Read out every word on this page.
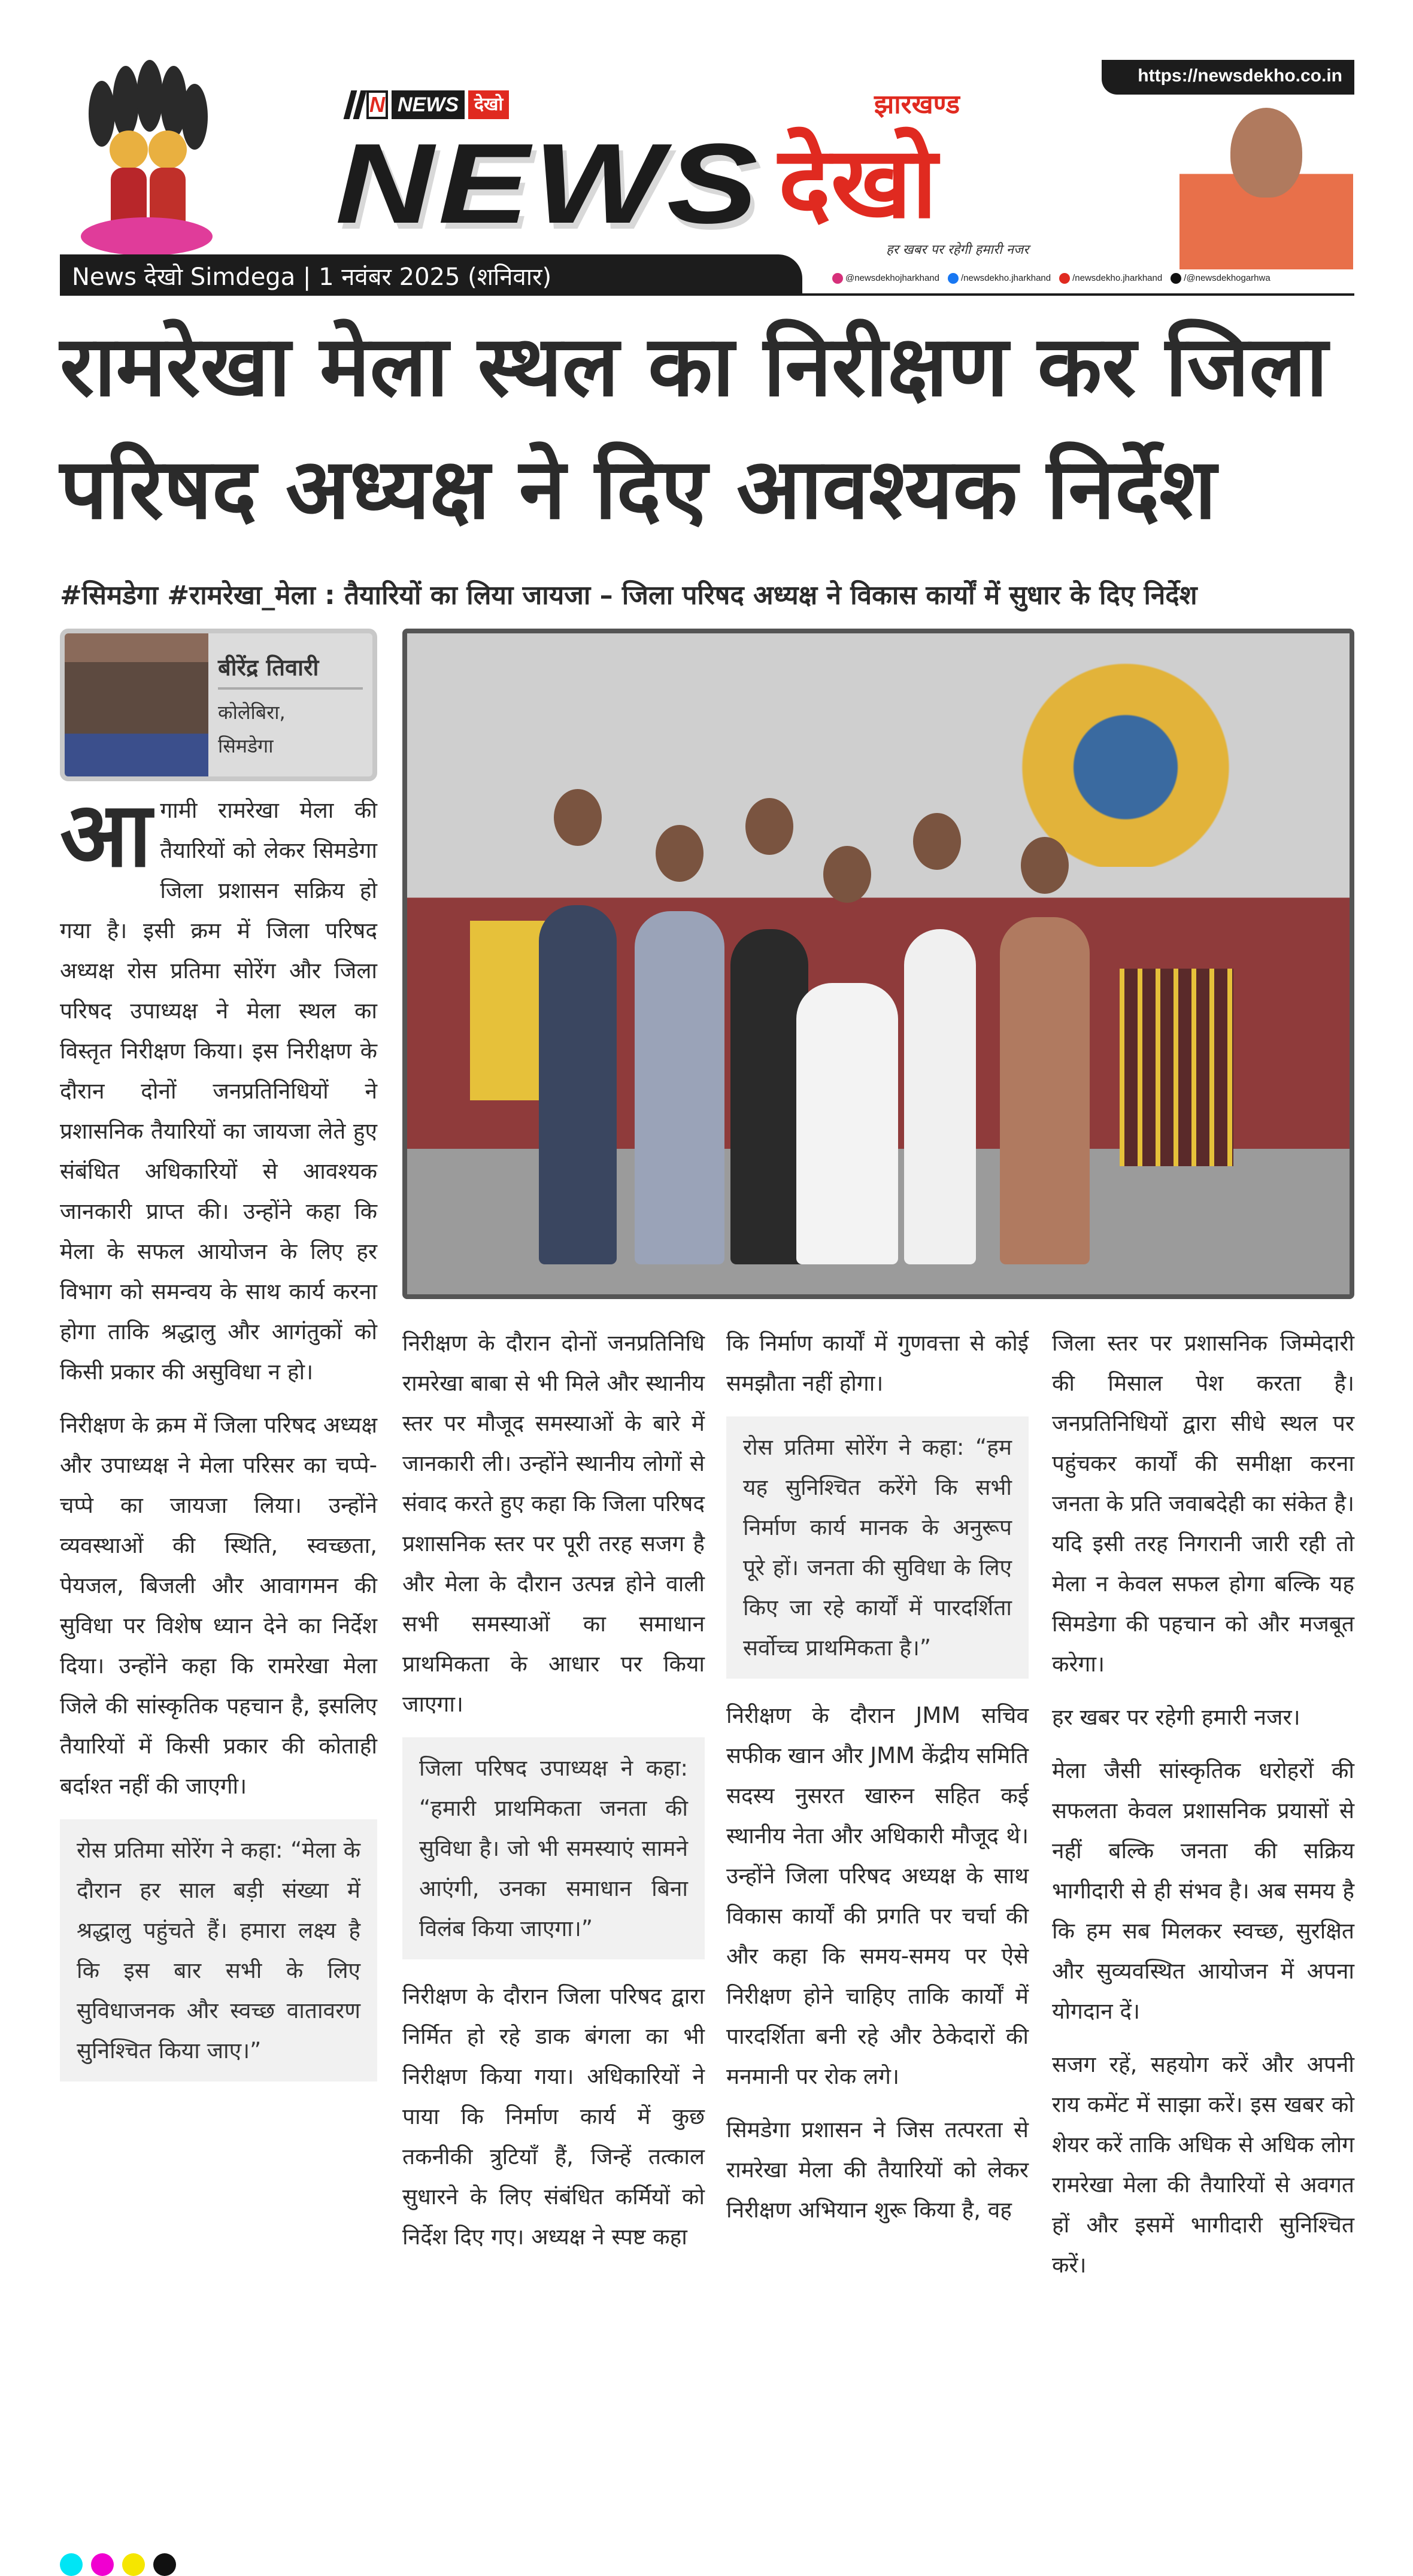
N NEWS देखो
NEWS देखो
झारखण्ड
हर खबर पर रहेगी हमारी नजर
https://newsdekho.co.in
News देखो Simdega | 1 नवंबर 2025 (शनिवार)	@newsdekhojharkhand /newsdekho.jharkhand /newsdekho.jharkhand /@newsdekhogarhwa
रामरेखा मेला स्थल का निरीक्षण कर जिला
परिषद अध्यक्ष ने दिए आवश्यक निर्देश
#सिमडेगा #रामरेखा_मेला : तैयारियों का लिया जायजा – जिला परिषद अध्यक्ष ने विकास कार्यों में सुधार के दिए निर्देश
बीरेंद्र तिवारी
कोलेबिरा,
सिमडेगा

आगामी रामरेखा मेला की तैयारियों को लेकर सिमडेगा जिला प्रशासन सक्रिय हो गया है। इसी क्रम में जिला परिषद अध्यक्ष रोस प्रतिमा सोरेंग और जिला परिषद उपाध्यक्ष ने मेला स्थल का विस्तृत निरीक्षण किया। इस निरीक्षण के दौरान दोनों जनप्रतिनिधियों ने प्रशासनिक तैयारियों का जायजा लेते हुए संबंधित अधिकारियों से आवश्यक जानकारी प्राप्त की। उन्होंने कहा कि मेला के सफल आयोजन के लिए हर विभाग को समन्वय के साथ कार्य करना होगा ताकि श्रद्धालु और आगंतुकों को किसी प्रकार की असुविधा न हो।

निरीक्षण के क्रम में जिला परिषद अध्यक्ष और उपाध्यक्ष ने मेला परिसर का चप्पे-चप्पे का जायजा लिया। उन्होंने व्यवस्थाओं की स्थिति, स्वच्छता, पेयजल, बिजली और आवागमन की सुविधा पर विशेष ध्यान देने का निर्देश दिया। उन्होंने कहा कि रामरेखा मेला जिले की सांस्कृतिक पहचान है, इसलिए तैयारियों में किसी प्रकार की कोताही बर्दाश्त नहीं की जाएगी।

रोस प्रतिमा सोरेंग ने कहा: “मेला के दौरान हर साल बड़ी संख्या में श्रद्धालु पहुंचते हैं। हमारा लक्ष्य है कि इस बार सभी के लिए सुविधाजनक और स्वच्छ वातावरण सुनिश्चित किया जाए।”

निरीक्षण के दौरान दोनों जनप्रतिनिधि रामरेखा बाबा से भी मिले और स्थानीय स्तर पर मौजूद समस्याओं के बारे में जानकारी ली। उन्होंने स्थानीय लोगों से संवाद करते हुए कहा कि जिला परिषद प्रशासनिक स्तर पर पूरी तरह सजग है और मेला के दौरान उत्पन्न होने वाली सभी समस्याओं का समाधान प्राथमिकता के आधार पर किया जाएगा।

जिला परिषद उपाध्यक्ष ने कहा: “हमारी प्राथमिकता जनता की सुविधा है। जो भी समस्याएं सामने आएंगी, उनका समाधान बिना विलंब किया जाएगा।”

निरीक्षण के दौरान जिला परिषद द्वारा निर्मित हो रहे डाक बंगला का भी निरीक्षण किया गया। अधिकारियों ने पाया कि निर्माण कार्य में कुछ तकनीकी त्रुटियाँ हैं, जिन्हें तत्काल सुधारने के लिए संबंधित कर्मियों को निर्देश दिए गए। अध्यक्ष ने स्पष्ट कहा

कि निर्माण कार्यों में गुणवत्ता से कोई समझौता नहीं होगा।

रोस प्रतिमा सोरेंग ने कहा: “हम यह सुनिश्चित करेंगे कि सभी निर्माण कार्य मानक के अनुरूप पूरे हों। जनता की सुविधा के लिए किए जा रहे कार्यों में पारदर्शिता सर्वोच्च प्राथमिकता है।”

निरीक्षण के दौरान JMM सचिव सफीक खान और JMM केंद्रीय समिति सदस्य नुसरत खारुन सहित कई स्थानीय नेता और अधिकारी मौजूद थे। उन्होंने जिला परिषद अध्यक्ष के साथ विकास कार्यों की प्रगति पर चर्चा की और कहा कि समय-समय पर ऐसे निरीक्षण होने चाहिए ताकि कार्यों में पारदर्शिता बनी रहे और ठेकेदारों की मनमानी पर रोक लगे।

सिमडेगा प्रशासन ने जिस तत्परता से रामरेखा मेला की तैयारियों को लेकर निरीक्षण अभियान शुरू किया है, वह

जिला स्तर पर प्रशासनिक जिम्मेदारी की मिसाल पेश करता है। जनप्रतिनिधियों द्वारा सीधे स्थल पर पहुंचकर कार्यों की समीक्षा करना जनता के प्रति जवाबदेही का संकेत है। यदि इसी तरह निगरानी जारी रही तो मेला न केवल सफल होगा बल्कि यह सिमडेगा की पहचान को और मजबूत करेगा।

हर खबर पर रहेगी हमारी नजर।

मेला जैसी सांस्कृतिक धरोहरों की सफलता केवल प्रशासनिक प्रयासों से नहीं बल्कि जनता की सक्रिय भागीदारी से ही संभव है। अब समय है कि हम सब मिलकर स्वच्छ, सुरक्षित और सुव्यवस्थित आयोजन में अपना योगदान दें।

सजग रहें, सहयोग करें और अपनी राय कमेंट में साझा करें। इस खबर को शेयर करें ताकि अधिक से अधिक लोग रामरेखा मेला की तैयारियों से अवगत हों और इसमें भागीदारी सुनिश्चित करें।
